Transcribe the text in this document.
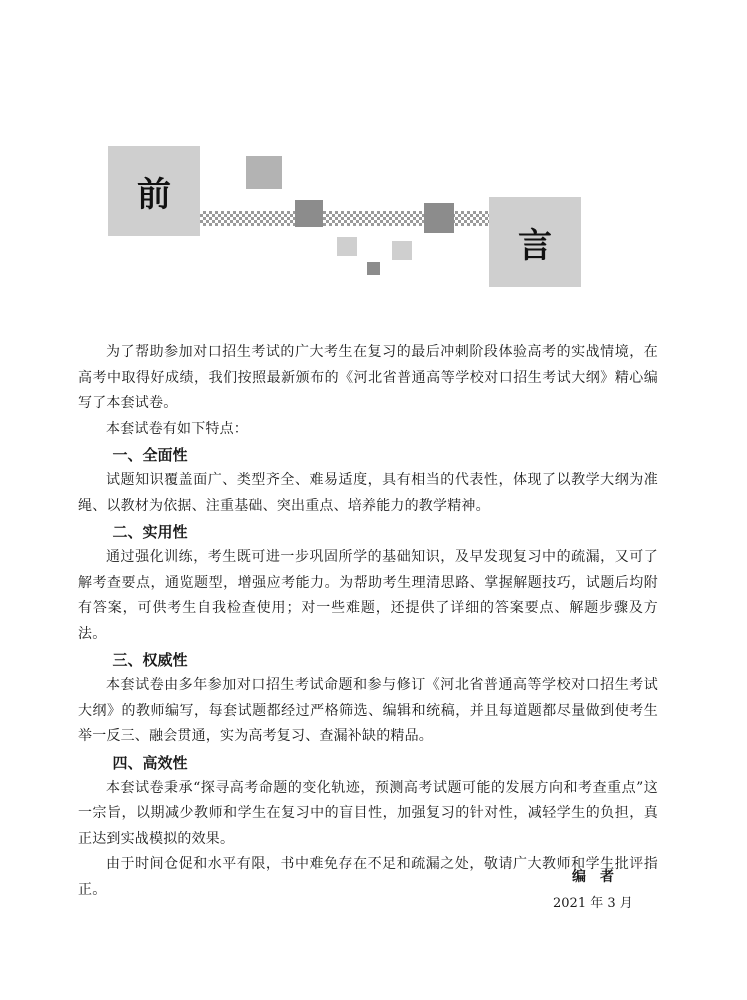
前
言

为了帮助参加对口招生考试的广大考生在复习的最后冲刺阶段体验高考的实战情境，在高考中取得好成绩，我们按照最新颁布的《河北省普通高等学校对口招生考试大纲》精心编写了本套试卷。

本套试卷有如下特点：

一、全面性

试题知识覆盖面广、类型齐全、难易适度，具有相当的代表性，体现了以教学大纲为准绳、以教材为依据、注重基础、突出重点、培养能力的教学精神。

二、实用性

通过强化训练，考生既可进一步巩固所学的基础知识，及早发现复习中的疏漏，又可了解考查要点，通览题型，增强应考能力。为帮助考生理清思路、掌握解题技巧，试题后均附有答案，可供考生自我检查使用；对一些难题，还提供了详细的答案要点、解题步骤及方法。

三、权威性

本套试卷由多年参加对口招生考试命题和参与修订《河北省普通高等学校对口招生考试大纲》的教师编写，每套试题都经过严格筛选、编辑和统稿，并且每道题都尽量做到使考生举一反三、融会贯通，实为高考复习、查漏补缺的精品。

四、高效性

本套试卷秉承“探寻高考命题的变化轨迹，预测高考试题可能的发展方向和考查重点”这一宗旨，以期减少教师和学生在复习中的盲目性，加强复习的针对性，减轻学生的负担，真正达到实战模拟的效果。

由于时间仓促和水平有限，书中难免存在不足和疏漏之处，敬请广大教师和学生批评指正。

编者
2021 年 3 月
